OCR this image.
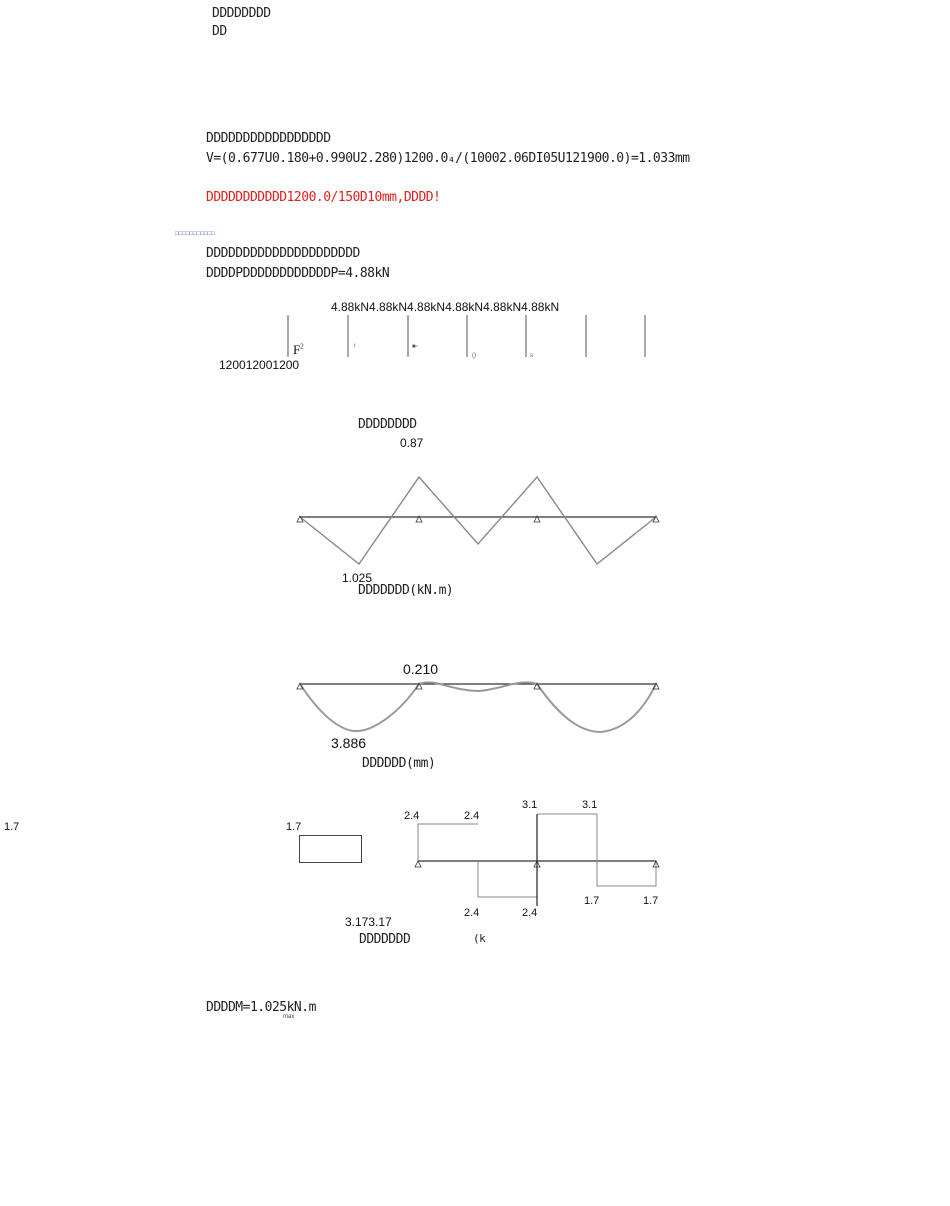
DDDDDDDD
DD
DDDDDDDDDDDDDDDDD
V=(0.677U0.180+0.990U2.280)1200.0₄/(10002.06DI05U121900.0)=1.033mm
DDDDDDDDDDD1200.0/150D10mm,DDDD!
□□□□□□□□□□□
DDDDDDDDDDDDDDDDDDDDD
DDDDPDDDDDDDDDDDDP=4.88kN
4.88kN4.88kN4.88kN4.88kN4.88kN4.88kN
!	■▫
()	s
$F^2$
120012001200
DDDDDDDD
0.87
1.025
DDDDDDD(kN.m)
0.210
3.886
DDDDDD(mm)
1.7	1.7
2.4	2.4
3.1	3.1
2.4	2.4
1.7	1.7
3.173.17
DDDDDDD	(k
DDDDM=1.025kN.m
max
